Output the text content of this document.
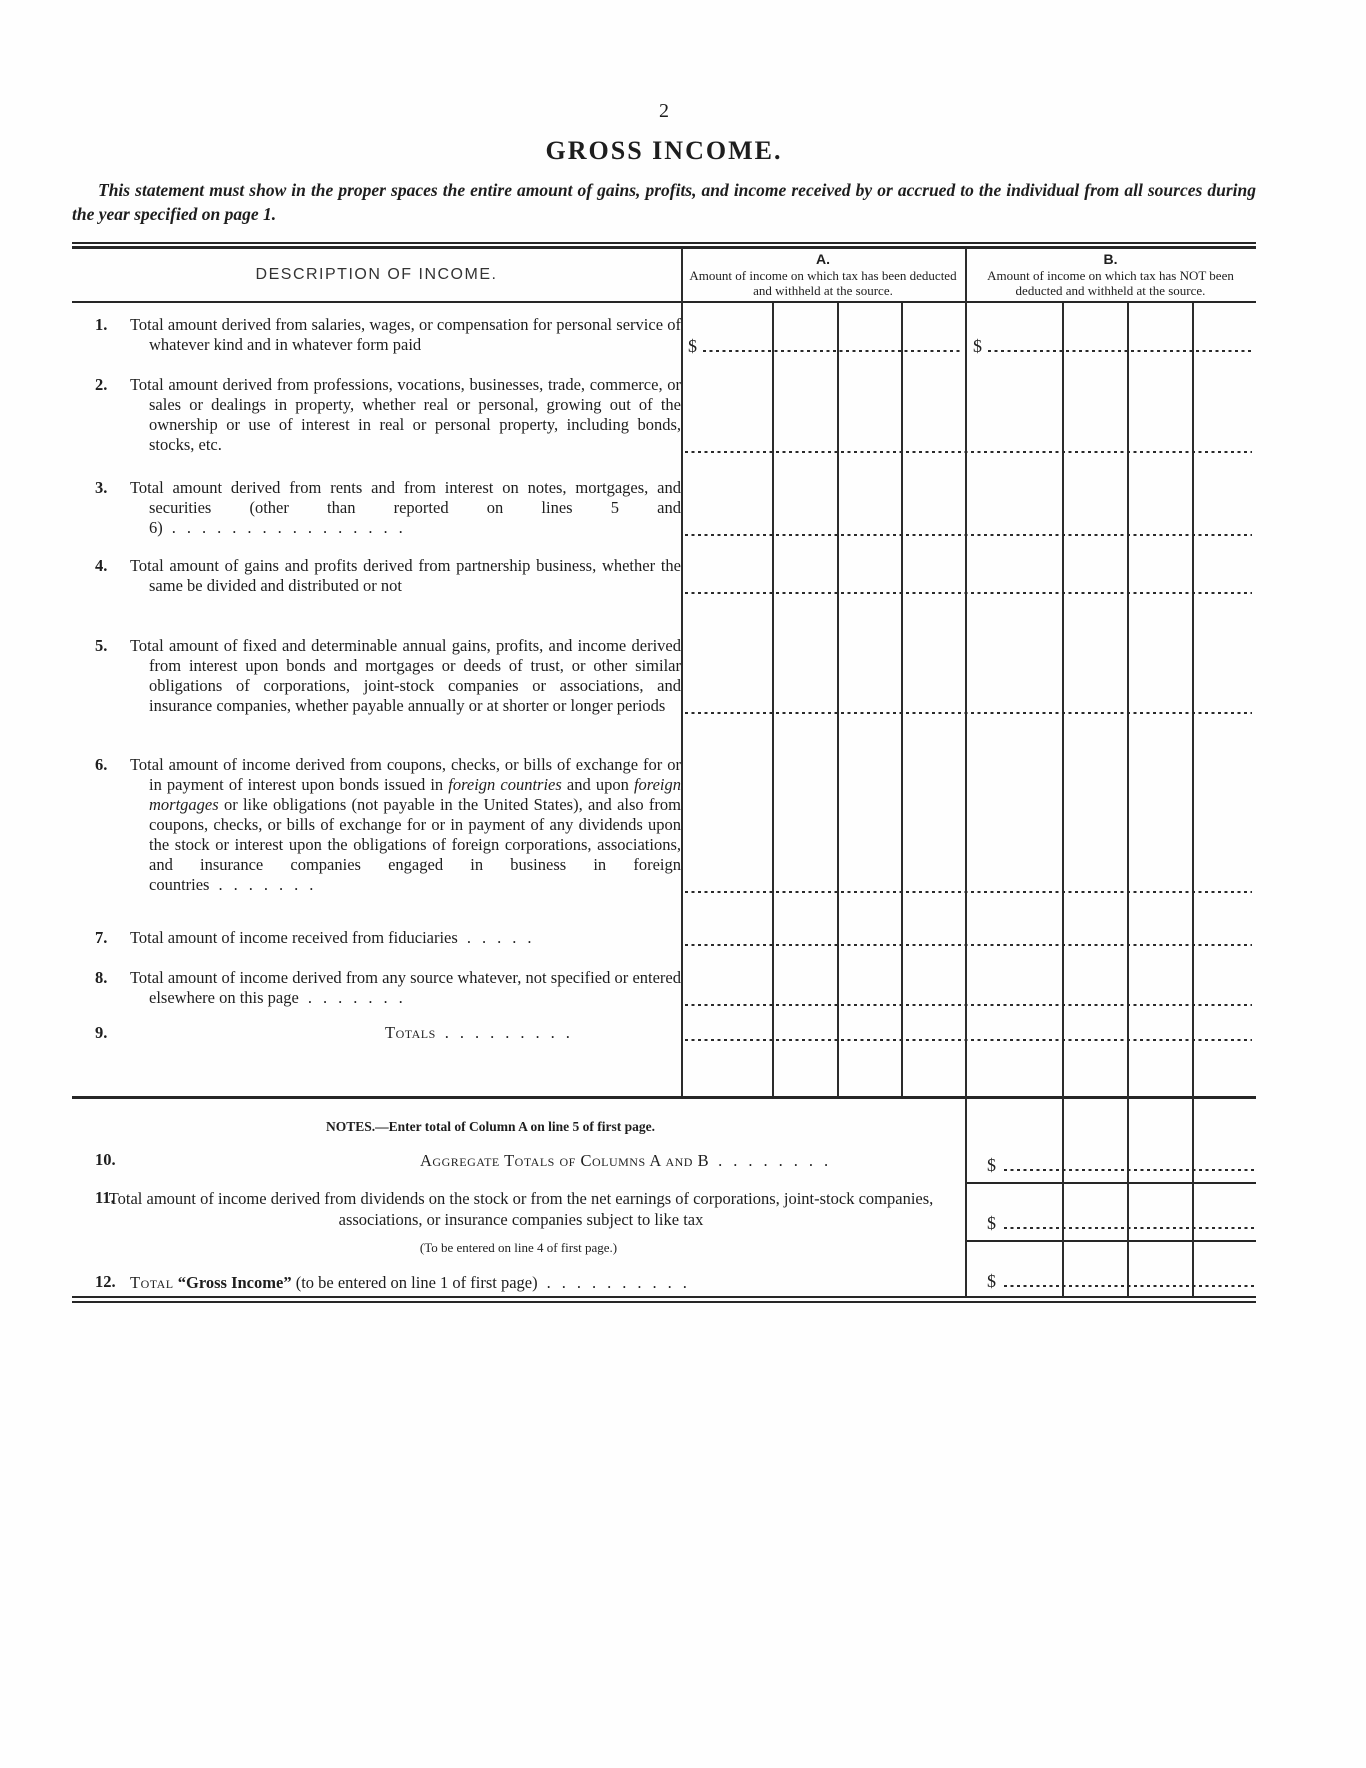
2
GROSS INCOME.

This statement must show in the proper spaces the entire amount of gains, profits, and income received by or accrued to the individual from all sources during the year specified on page 1.

DESCRIPTION OF INCOME.
A.
Amount of income on which tax has been deducted and withheld at the source.
B.
Amount of income on which tax has NOT been deducted and withheld at the source.
1. Total amount derived from salaries, wages, or compensation for personal service of whatever kind and in whatever form paid	$	$
2. Total amount derived from professions, vocations, businesses, trade, commerce, or sales or dealings in property, whether real or personal, growing out of the ownership or use of interest in real or personal property, including bonds, stocks, etc.

3. Total amount derived from rents and from interest on notes, mortgages, and securities (other than reported on lines 5 and 6) ................

4. Total amount of gains and profits derived from partnership business, whether the same be divided and distributed or not

5. Total amount of fixed and determinable annual gains, profits, and income derived from interest upon bonds and mortgages or deeds of trust, or other similar obligations of corporations, joint-stock companies or associations, and insurance companies, whether payable annually or at shorter or longer periods

6. Total amount of income derived from coupons, checks, or bills of exchange for or in payment of interest upon bonds issued in foreign countries and upon foreign mortgages or like obligations (not payable in the United States), and also from coupons, checks, or bills of exchange for or in payment of any dividends upon the stock or interest upon the obligations of foreign corporations, associations, and insurance companies engaged in business in foreign countries .......

7. Total amount of income received from fiduciaries .....

8. Total amount of income derived from any source whatever, not specified or entered elsewhere on this page .......

9.	Totals .........

NOTES.—Enter total of Column A on line 5 of first page.
10.	Aggregate Totals of Columns A and B ........	$
11.
Total amount of income derived from dividends on the stock or from the net earnings of corporations, joint-stock companies, associations, or insurance companies subject to like tax
(To be entered on line 4 of first page.)
$
12. Total “Gross Income” (to be entered on line 1 of first page) ..........	$
